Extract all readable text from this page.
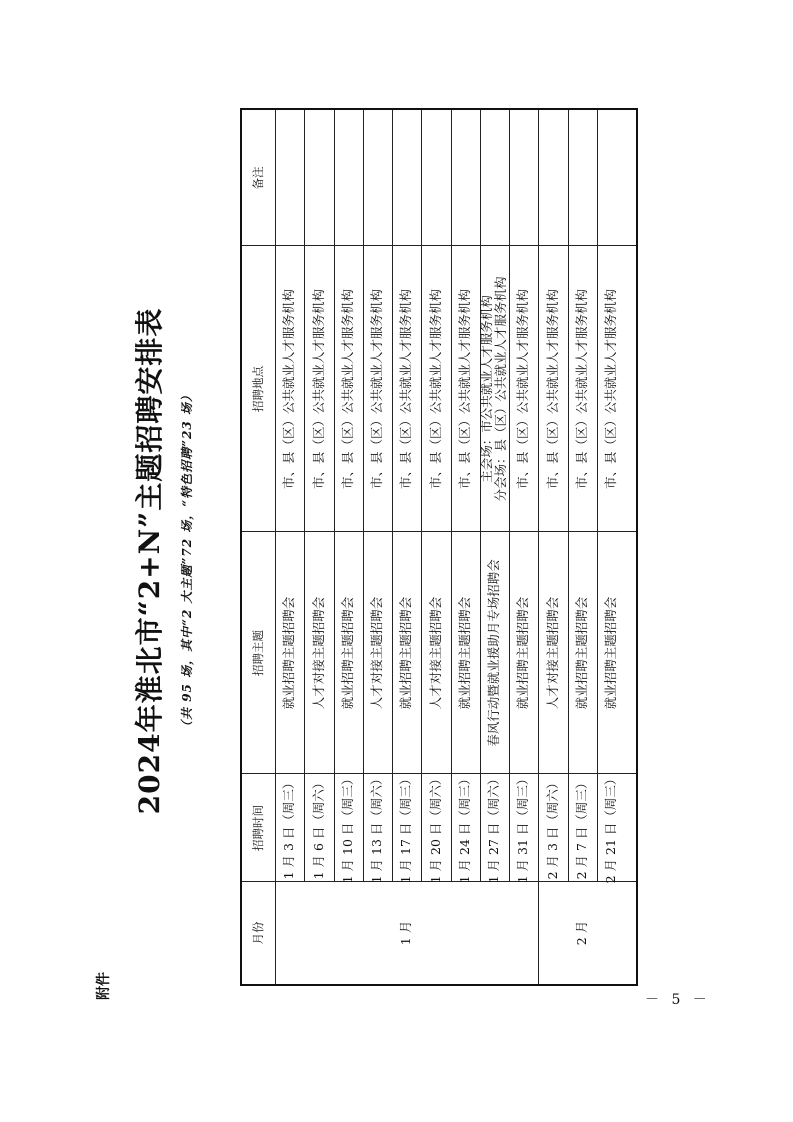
附件
2024年淮北市“2+N”主题招聘安排表 （共 95 场，其中“2 大主题”72 场，“特色招聘”23 场）
月份
招聘时间
招聘主题
招聘地点
备注
1 月	2 月
1 月 3 日（周三）
就业招聘主题招聘会
市、县（区）公共就业人才服务机构
1 月 6 日（周六）
人才对接主题招聘会
市、县（区）公共就业人才服务机构
1 月 10 日（周三）
就业招聘主题招聘会
市、县（区）公共就业人才服务机构
1 月 13 日（周六）
人才对接主题招聘会
市、县（区）公共就业人才服务机构
1 月 17 日（周三）
就业招聘主题招聘会
市、县（区）公共就业人才服务机构
1 月 20 日（周六）
人才对接主题招聘会
市、县（区）公共就业人才服务机构
1 月 24 日（周三）
就业招聘主题招聘会
市、县（区）公共就业人才服务机构
1 月 27 日（周六）
春风行动暨就业援助月专场招聘会
主会场：市公共就业人才服务机构 分会场：县（区）公共就业人才服务机构
1 月 31 日（周三）
就业招聘主题招聘会
市、县（区）公共就业人才服务机构
2 月 3 日（周六）
人才对接主题招聘会
市、县（区）公共就业人才服务机构
2 月 7 日（周三）
就业招聘主题招聘会
市、县（区）公共就业人才服务机构
2 月 21 日（周三）
就业招聘主题招聘会
市、县（区）公共就业人才服务机构
－ 5 －
